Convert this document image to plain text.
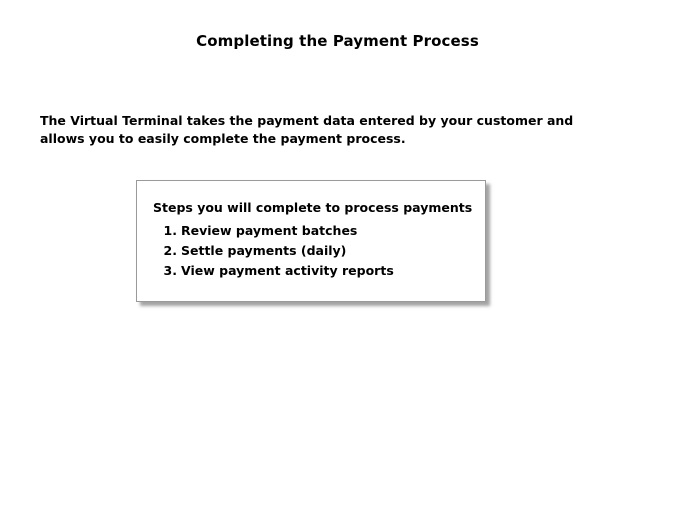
Completing the Payment Process
The Virtual Terminal takes the payment data entered by your customer and allows you to easily complete the payment process.
Steps you will complete to process payments
1. Review payment batches
2. Settle payments (daily)
3. View payment activity reports
